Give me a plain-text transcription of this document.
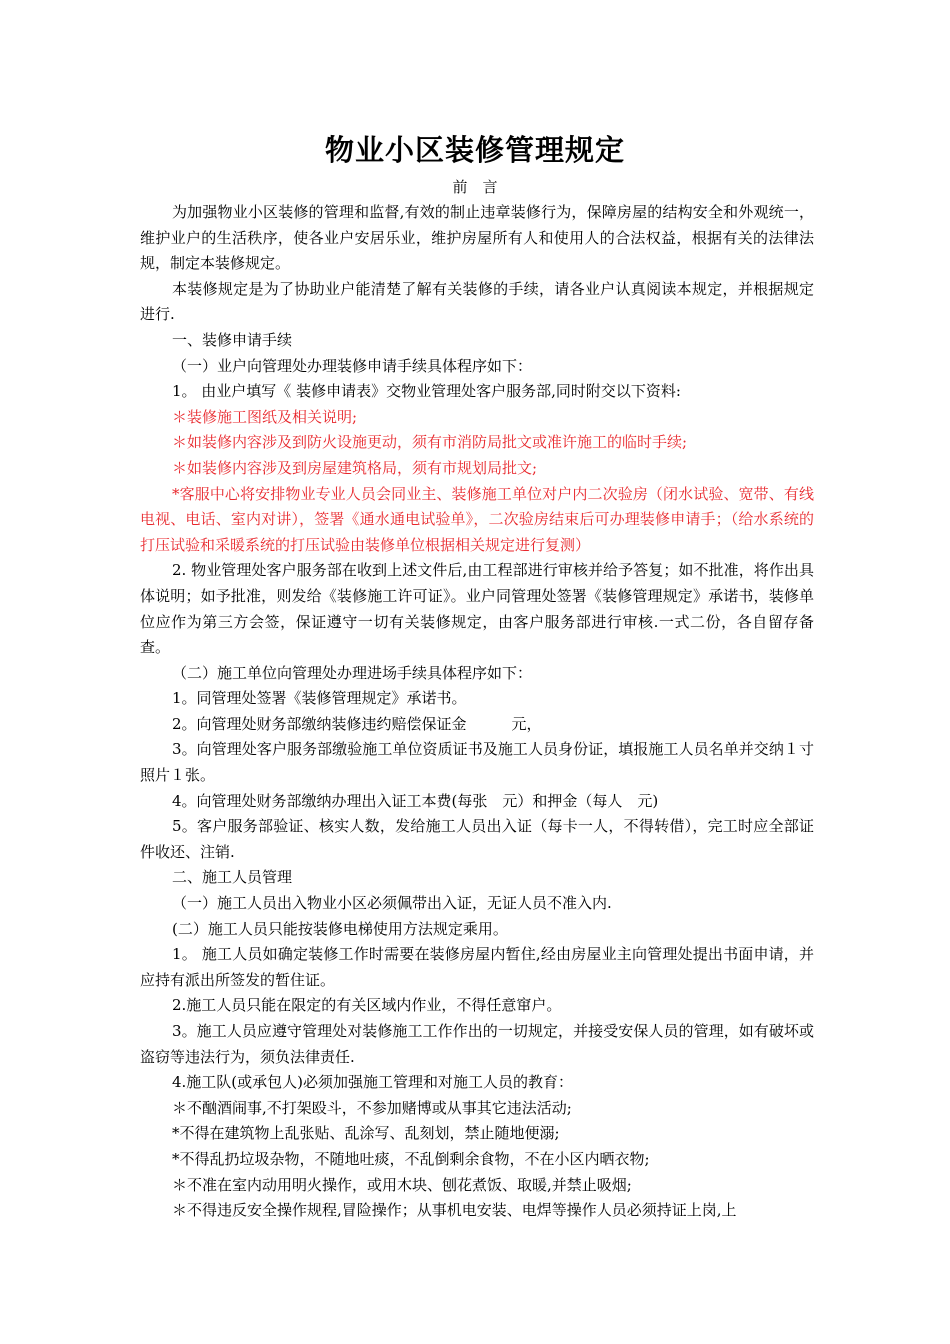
物业小区装修管理规定
前　言

为加强物业小区装修的管理和监督,有效的制止违章装修行为，保障房屋的结构安全和外观统一，维护业户的生活秩序，使各业户安居乐业，维护房屋所有人和使用人的合法权益，根据有关的法律法规，制定本装修规定。

本装修规定是为了协助业户能清楚了解有关装修的手续，请各业户认真阅读本规定，并根据规定进行.

一、装修申请手续

（一）业户向管理处办理装修申请手续具体程序如下：

1。 由业户填写《 装修申请表》交物业管理处客户服务部,同时附交以下资料:

＊装修施工图纸及相关说明;

＊如装修内容涉及到防火设施更动，须有市消防局批文或准许施工的临时手续;

＊如装修内容涉及到房屋建筑格局，须有市规划局批文;

*客服中心将安排物业专业人员会同业主、装修施工单位对户内二次验房（闭水试验、宽带、有线电视、电话、室内对讲），签署《通水通电试验单》，二次验房结束后可办理装修申请手；（给水系统的打压试验和采暖系统的打压试验由装修单位根据相关规定进行复测）

2. 物业管理处客户服务部在收到上述文件后,由工程部进行审核并给予答复；如不批准，将作出具体说明；如予批准，则发给《装修施工许可证》。业户同管理处签署《装修管理规定》承诺书，装修单位应作为第三方会签，保证遵守一切有关装修规定，由客户服务部进行审核.一式二份，各自留存备查。

（二）施工单位向管理处办理进场手续具体程序如下：

1。同管理处签署《装修管理规定》承诺书。

2。向管理处财务部缴纳装修违约赔偿保证金　　　元，

3。向管理处客户服务部缴验施工单位资质证书及施工人员身份证，填报施工人员名单并交纳１寸照片１张。

4。向管理处财务部缴纳办理出入证工本费(每张　元）和押金（每人　元)

5。客户服务部验证、核实人数，发给施工人员出入证（每卡一人，不得转借），完工时应全部证件收还、注销.

二、施工人员管理

（一）施工人员出入物业小区必须佩带出入证，无证人员不准入内.

(二）施工人员只能按装修电梯使用方法规定乘用。

1。 施工人员如确定装修工作时需要在装修房屋内暂住,经由房屋业主向管理处提出书面申请，并应持有派出所签发的暂住证。

2.施工人员只能在限定的有关区域内作业，不得任意窜户。

3。施工人员应遵守管理处对装修施工工作作出的一切规定，并接受安保人员的管理，如有破坏或盗窃等违法行为，须负法律责任.

4.施工队(或承包人)必须加强施工管理和对施工人员的教育：

＊不酗酒闹事,不打架殴斗，不参加赌博或从事其它违法活动;

*不得在建筑物上乱张贴、乱涂写、乱刻划，禁止随地便溺;

*不得乱扔垃圾杂物，不随地吐痰，不乱倒剩余食物，不在小区内晒衣物;

＊不准在室内动用明火操作，或用木块、刨花煮饭、取暖,并禁止吸烟;

＊不得违反安全操作规程,冒险操作；从事机电安装、电焊等操作人员必须持证上岗,上
